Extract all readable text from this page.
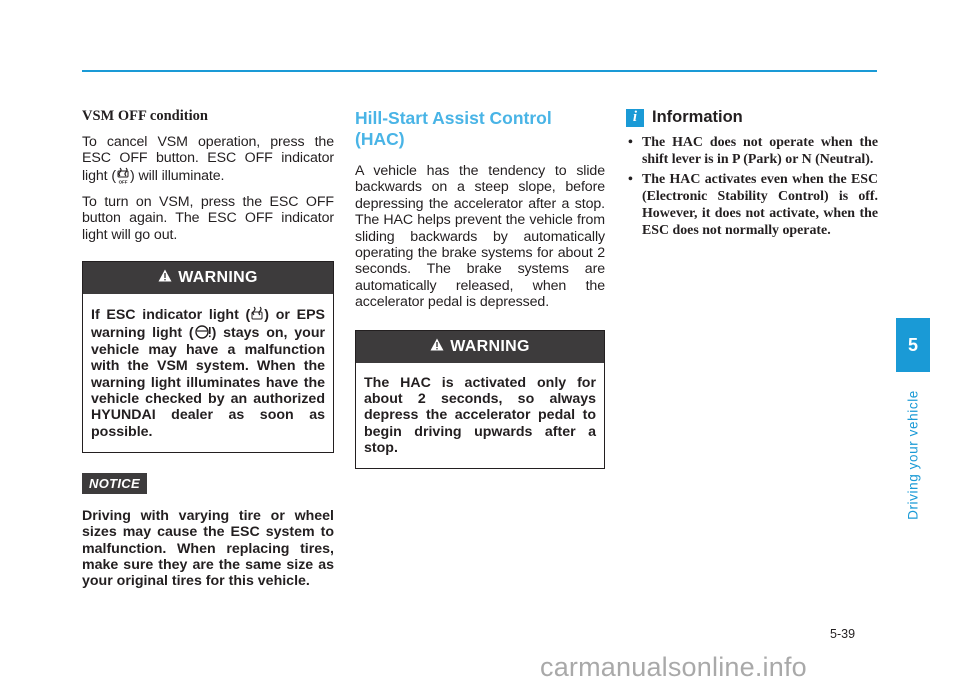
VSM OFF condition

To cancel VSM operation, press the ESC OFF button. ESC OFF indicator light ( OFF ) will illuminate.

To turn on VSM, press the ESC OFF button again. The ESC OFF indicator light will go out.

WARNING
If ESC indicator light ( ) or EPS warning light ( ) stays on, your vehicle may have a malfunction with the VSM system. When the warning light illuminates have the vehicle checked by an authorized HYUNDAI dealer as soon as possible.
NOTICE
Driving with varying tire or wheel sizes may cause the ESC system to malfunction. When replacing tires, make sure they are the same size as your original tires for this vehicle.
Hill-Start Assist Control (HAC)

A vehicle has the tendency to slide backwards on a steep slope, before depressing the accelerator after a stop. The HAC helps prevent the vehicle from sliding backwards by automatically operating the brake systems for about 2 seconds. The brake systems are automatically released, when the accelerator pedal is depressed.

WARNING
The HAC is activated only for about 2 seconds, so always depress the accelerator pedal to begin driving upwards after a stop.
i Information
• The HAC does not operate when the shift lever is in P (Park) or N (Neutral).
• The HAC activates even when the ESC (Electronic Stability Control) is off. However, it does not activate, when the ESC does not normally operate.
5
Driving your vehicle
5-39
carmanualsonline.info
